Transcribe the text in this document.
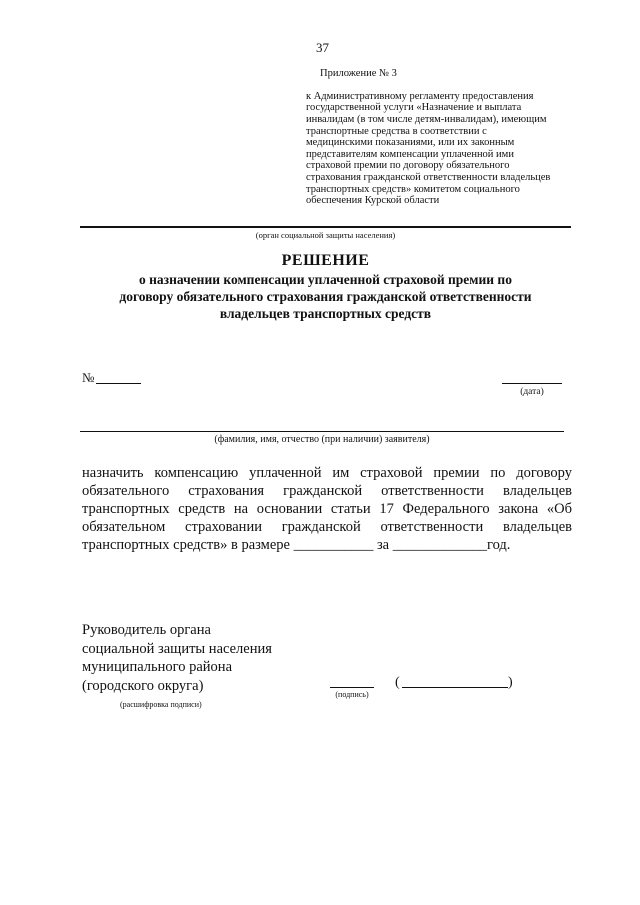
37

Приложение № 3

к Административному регламенту предоставления
государственной услуги «Назначение и выплата
инвалидам (в том числе детям-инвалидам), имеющим
транспортные средства в соответствии с
медицинскими показаниями, или их законным
представителям компенсации уплаченной ими
страховой премии по договору обязательного
страхования гражданской ответственности владельцев
транспортных средств» комитетом социального
обеспечения Курской области

(орган социальной защиты населения)
РЕШЕНИЕ
о назначении компенсации уплаченной страховой премии по
договору обязательного страхования гражданской ответственности
владельцев транспортных средств
№
(дата)
(фамилия, имя, отчество (при наличии) заявителя)
назначить компенсацию уплаченной им страховой премии по договору
обязательного страхования гражданской ответственности владельцев
транспортных средств на основании статьи 17 Федерального закона «Об
обязательном страховании гражданской ответственности владельцев
транспортных средств» в размере ___________ за _____________год.
Руководитель органа
социальной защиты населения
муниципального района
(городского округа)
(подпись)
(	)
(расшифровка подписи)
